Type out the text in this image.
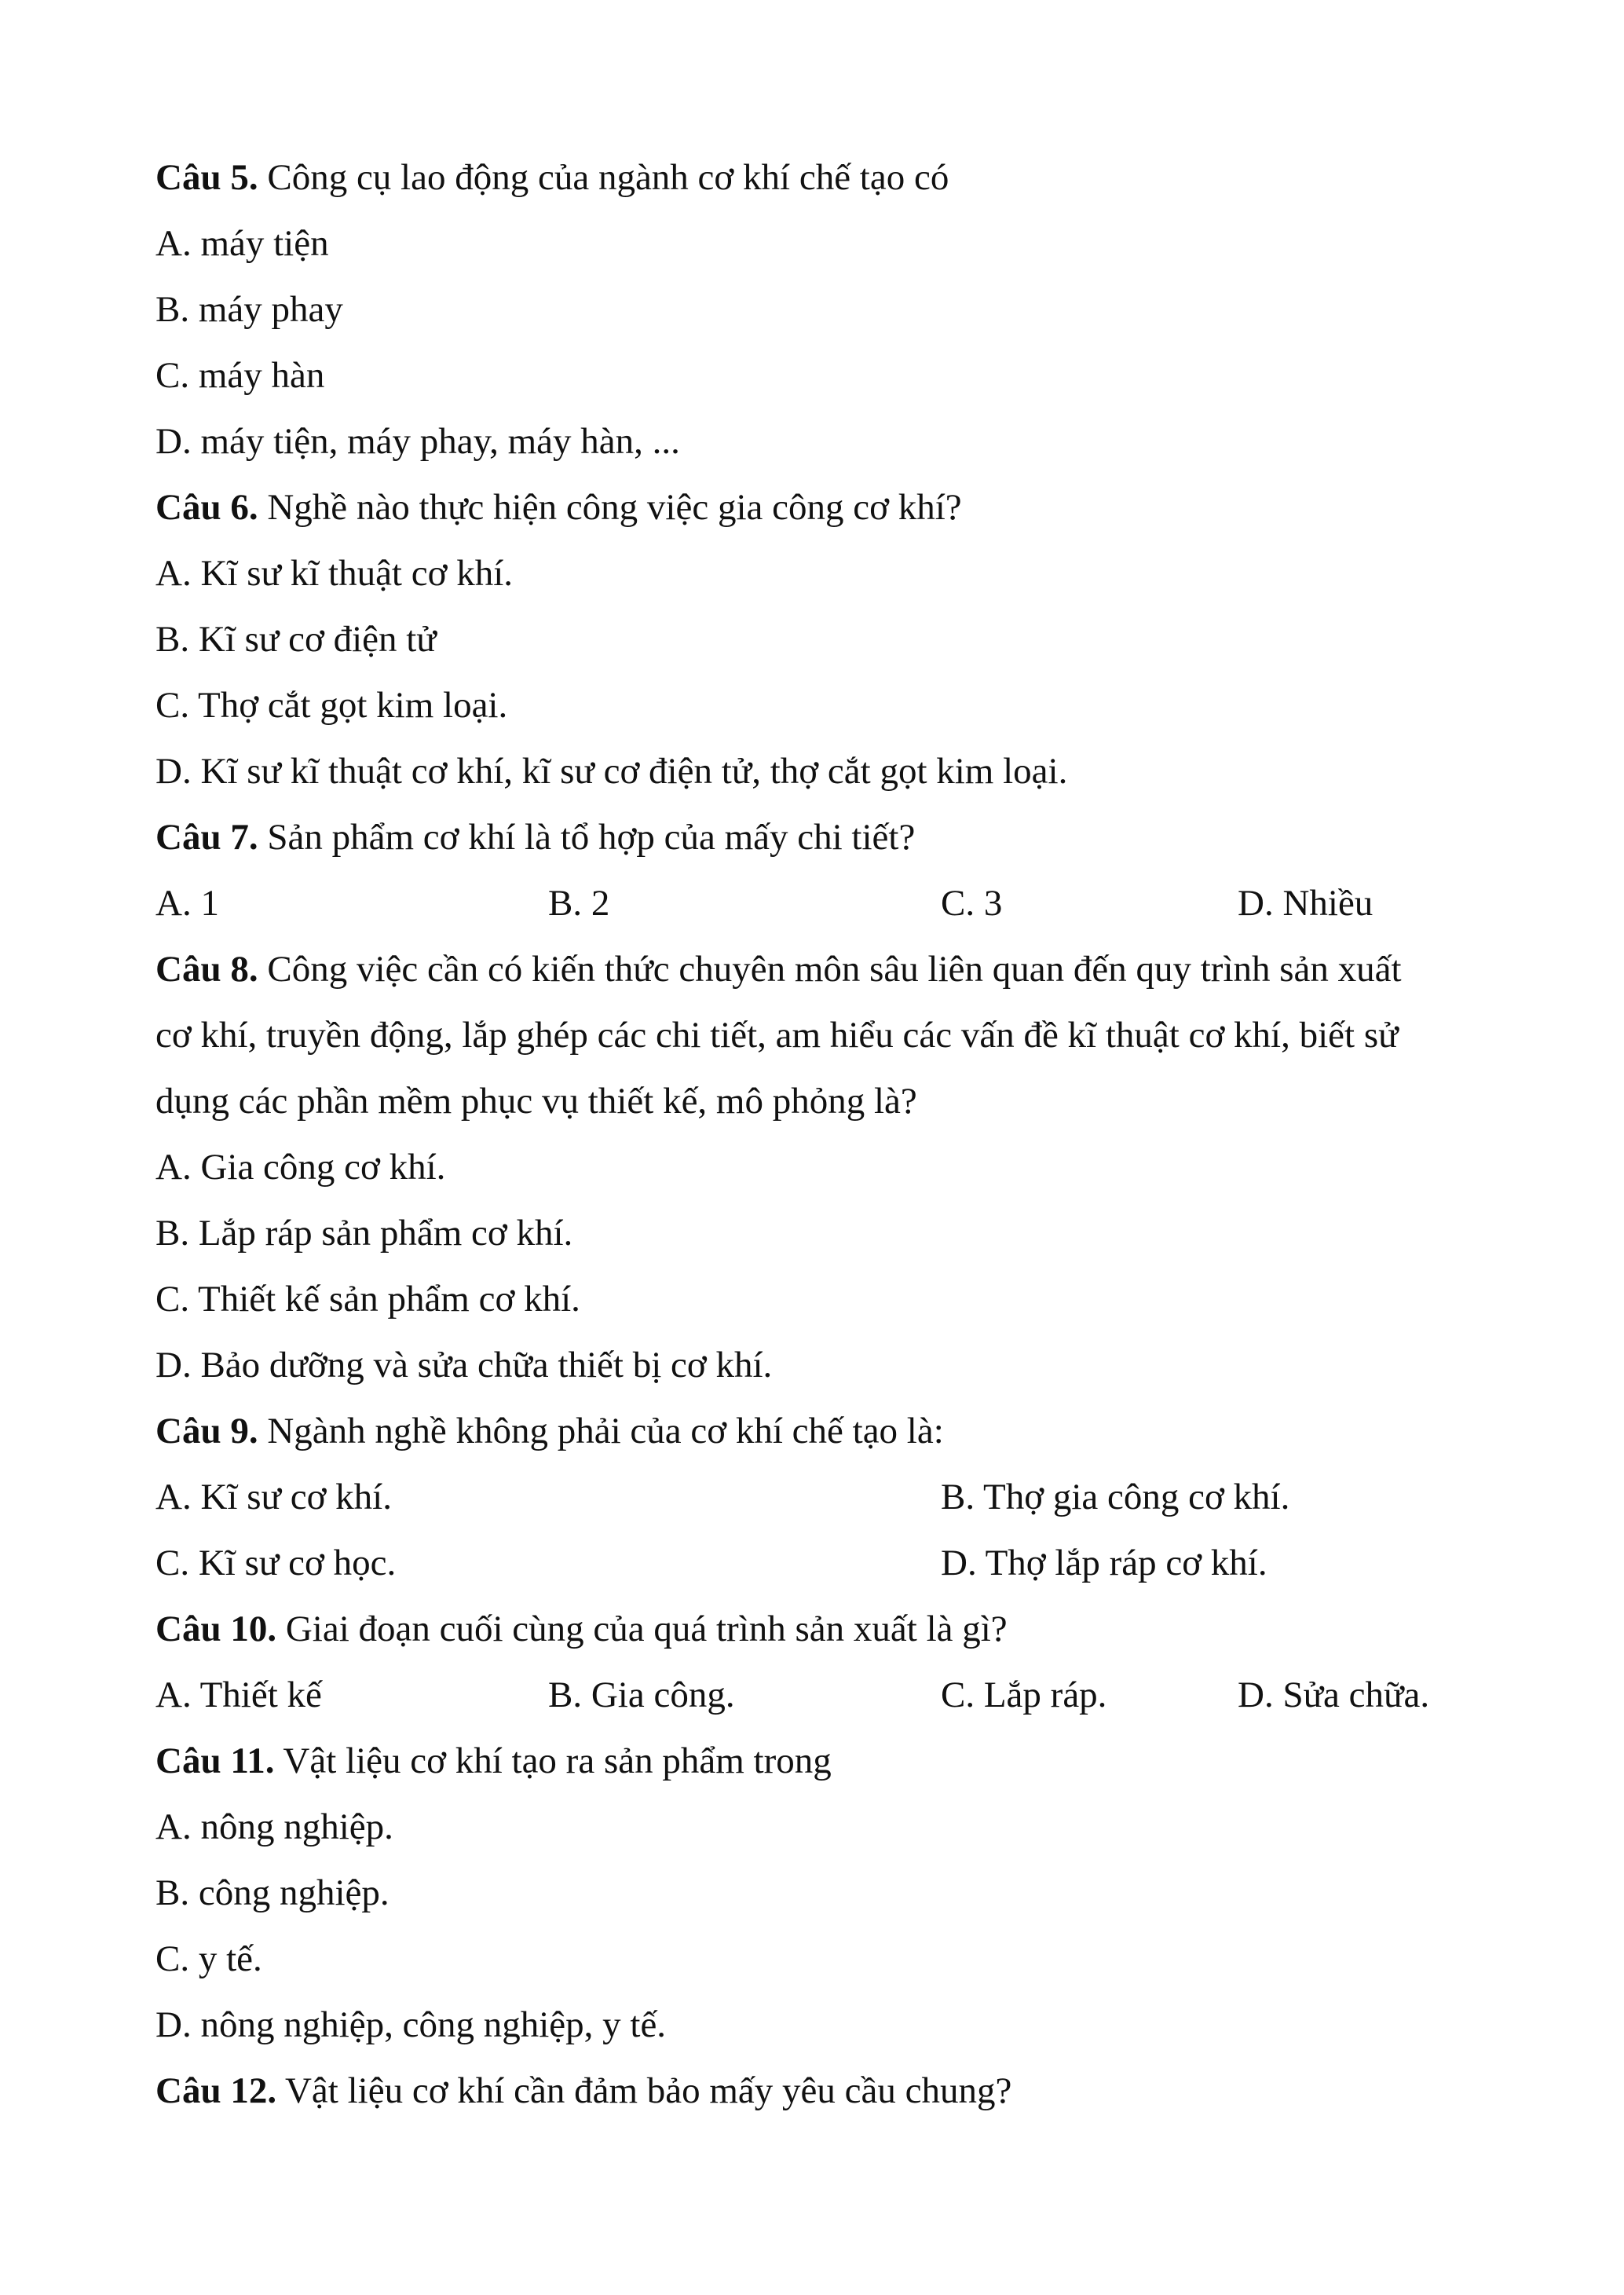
Câu 5. Công cụ lao động của ngành cơ khí chế tạo có
A. máy tiện
B. máy phay
C. máy hàn
D. máy tiện, máy phay, máy hàn, ...
Câu 6. Nghề nào thực hiện công việc gia công cơ khí?
A. Kĩ sư kĩ thuật cơ khí.
B. Kĩ sư cơ điện tử
C. Thợ cắt gọt kim loại.
D. Kĩ sư kĩ thuật cơ khí, kĩ sư cơ điện tử, thợ cắt gọt kim loại.
Câu 7. Sản phẩm cơ khí là tổ hợp của mấy chi tiết?
A. 1	B. 2	C. 3	D. Nhiều
Câu 8. Công việc cần có kiến thức chuyên môn sâu liên quan đến quy trình sản xuất
cơ khí, truyền động, lắp ghép các chi tiết, am hiểu các vấn đề kĩ thuật cơ khí, biết sử
dụng các phần mềm phục vụ thiết kế, mô phỏng là?
A. Gia công cơ khí.
B. Lắp ráp sản phẩm cơ khí.
C. Thiết kế sản phẩm cơ khí.
D. Bảo dưỡng và sửa chữa thiết bị cơ khí.
Câu 9. Ngành nghề không phải của cơ khí chế tạo là:
A. Kĩ sư cơ khí.	B. Thợ gia công cơ khí.
C. Kĩ sư cơ học.	D. Thợ lắp ráp cơ khí.
Câu 10. Giai đoạn cuối cùng của quá trình sản xuất là gì?
A. Thiết kế	B. Gia công.	C. Lắp ráp.	D. Sửa chữa.
Câu 11. Vật liệu cơ khí tạo ra sản phẩm trong
A. nông nghiệp.
B. công nghiệp.
C. y tế.
D. nông nghiệp, công nghiệp, y tế.
Câu 12. Vật liệu cơ khí cần đảm bảo mấy yêu cầu chung?
